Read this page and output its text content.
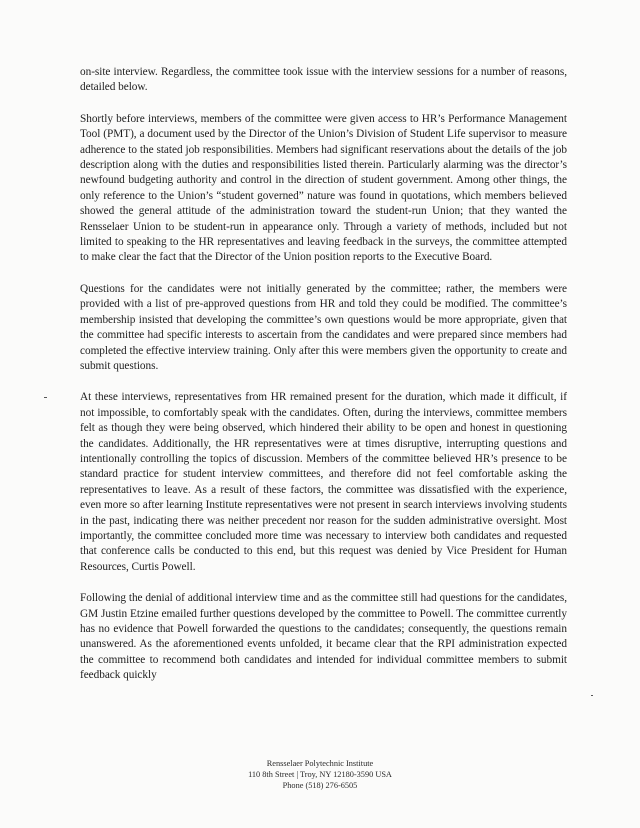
on-site interview. Regardless, the committee took issue with the interview sessions for a number of reasons, detailed below.

Shortly before interviews, members of the committee were given access to HR’s Performance Management Tool (PMT), a document used by the Director of the Union’s Division of Student Life supervisor to measure adherence to the stated job responsibilities. Members had significant reservations about the details of the job description along with the duties and responsibilities listed therein. Particularly alarming was the director’s newfound budgeting authority and control in the direction of student government. Among other things, the only reference to the Union’s “student governed” nature was found in quotations, which members believed showed the general attitude of the administration toward the student-run Union; that they wanted the Rensselaer Union to be student-run in appearance only. Through a variety of methods, included but not limited to speaking to the HR representatives and leaving feedback in the surveys, the committee attempted to make clear the fact that the Director of the Union position reports to the Executive Board.

Questions for the candidates were not initially generated by the committee; rather, the members were provided with a list of pre-approved questions from HR and told they could be modified. The committee’s membership insisted that developing the committee’s own questions would be more appropriate, given that the committee had specific interests to ascertain from the candidates and were prepared since members had completed the effective interview training. Only after this were members given the opportunity to create and submit questions.

At these interviews, representatives from HR remained present for the duration, which made it difficult, if not impossible, to comfortably speak with the candidates. Often, during the interviews, committee members felt as though they were being observed, which hindered their ability to be open and honest in questioning the candidates. Additionally, the HR representatives were at times disruptive, interrupting questions and intentionally controlling the topics of discussion. Members of the committee believed HR’s presence to be standard practice for student interview committees, and therefore did not feel comfortable asking the representatives to leave. As a result of these factors, the committee was dissatisfied with the experience, even more so after learning Institute representatives were not present in search interviews involving students in the past, indicating there was neither precedent nor reason for the sudden administrative oversight. Most importantly, the committee concluded more time was necessary to interview both candidates and requested that conference calls be conducted to this end, but this request was denied by Vice President for Human Resources, Curtis Powell.

Following the denial of additional interview time and as the committee still had questions for the candidates, GM Justin Etzine emailed further questions developed by the committee to Powell. The committee currently has no evidence that Powell forwarded the questions to the candidates; consequently, the questions remain unanswered. As the aforementioned events unfolded, it became clear that the RPI administration expected the committee to recommend both candidates and intended for individual committee members to submit feedback quickly

Rensselaer Polytechnic Institute
110 8th Street | Troy, NY 12180-3590 USA
Phone (518) 276-6505
